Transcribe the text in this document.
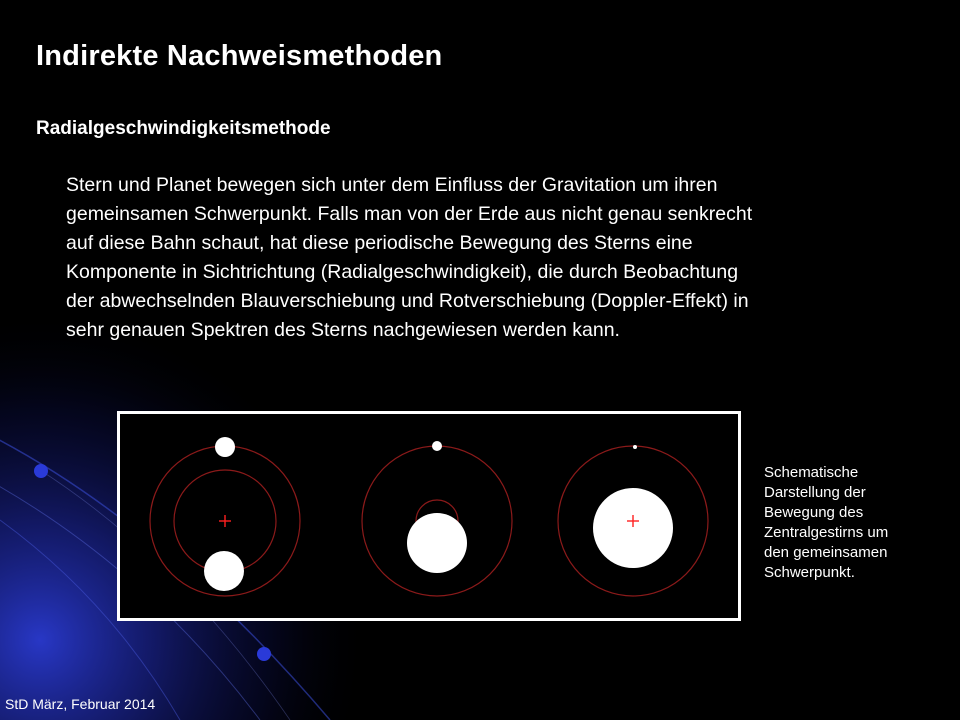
Indirekte Nachweismethoden
Radialgeschwindigkeitsmethode

Stern und Planet bewegen sich unter dem Einfluss der Gravitation um ihren
gemeinsamen Schwerpunkt. Falls man von der Erde aus nicht genau senkrecht
auf diese Bahn schaut, hat diese periodische Bewegung des Sterns eine
Komponente in Sichtrichtung (Radialgeschwindigkeit), die durch Beobachtung
der abwechselnden Blauverschiebung und Rotverschiebung (Doppler-Effekt) in
sehr genauen Spektren des Sterns nachgewiesen werden kann.

Schematische
Darstellung der
Bewegung des
Zentralgestirns um
den gemeinsamen
Schwerpunkt.

StD März, Februar 2014
